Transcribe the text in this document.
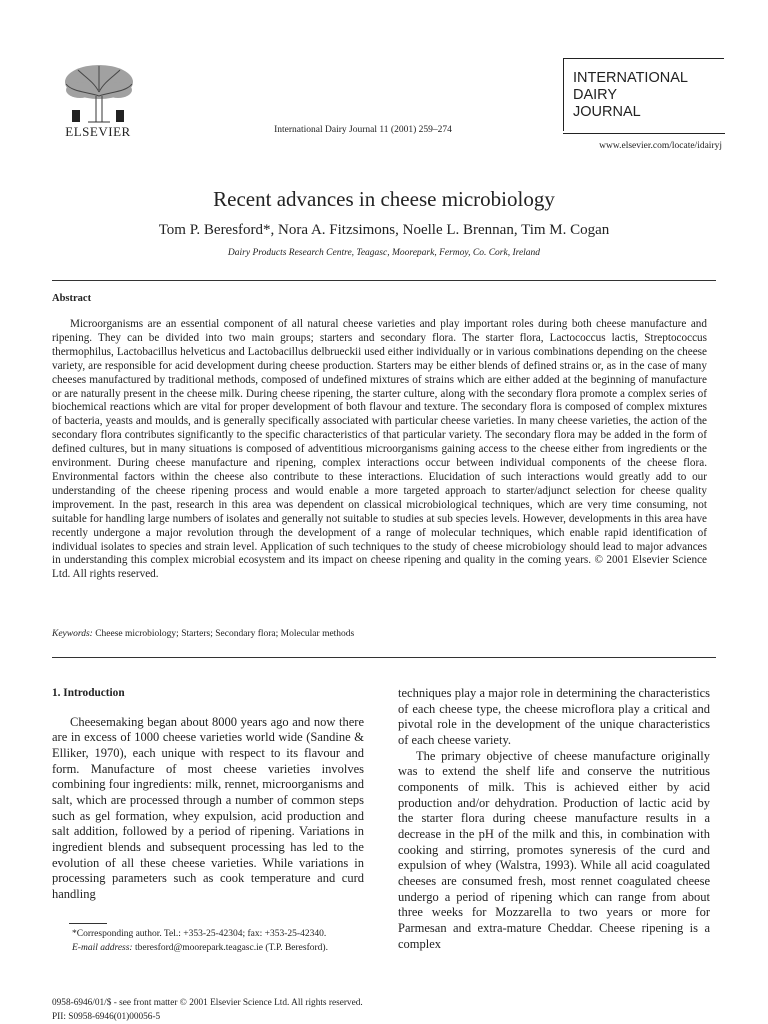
ELSEVIER	International Dairy Journal 11 (2001) 259–274
INTERNATIONAL
DAIRY
JOURNAL
www.elsevier.com/locate/idairyj
Recent advances in cheese microbiology
Tom P. Beresford*, Nora A. Fitzsimons, Noelle L. Brennan, Tim M. Cogan
Dairy Products Research Centre, Teagasc, Moorepark, Fermoy, Co. Cork, Ireland
Abstract
Microorganisms are an essential component of all natural cheese varieties and play important roles during both cheese manufacture and ripening. They can be divided into two main groups; starters and secondary flora. The starter flora, Lactococcus lactis, Streptococcus thermophilus, Lactobacillus helveticus and Lactobacillus delbrueckii used either individually or in various combinations depending on the cheese variety, are responsible for acid development during cheese production. Starters may be either blends of defined strains or, as in the case of many cheeses manufactured by traditional methods, composed of undefined mixtures of strains which are either added at the beginning of manufacture or are naturally present in the cheese milk. During cheese ripening, the starter culture, along with the secondary flora promote a complex series of biochemical reactions which are vital for proper development of both flavour and texture. The secondary flora is composed of complex mixtures of bacteria, yeasts and moulds, and is generally specifically associated with particular cheese varieties. In many cheese varieties, the action of the secondary flora contributes significantly to the specific characteristics of that particular variety. The secondary flora may be added in the form of defined cultures, but in many situations is composed of adventitious microorganisms gaining access to the cheese either from ingredients or the environment. During cheese manufacture and ripening, complex interactions occur between individual components of the cheese flora. Environmental factors within the cheese also contribute to these interactions. Elucidation of such interactions would greatly add to our understanding of the cheese ripening process and would enable a more targeted approach to starter/adjunct selection for cheese quality improvement. In the past, research in this area was dependent on classical microbiological techniques, which are very time consuming, not suitable for handling large numbers of isolates and generally not suitable to studies at sub species levels. However, developments in this area have recently undergone a major revolution through the development of a range of molecular techniques, which enable rapid identification of individual isolates to species and strain level. Application of such techniques to the study of cheese microbiology should lead to major advances in understanding this complex microbial ecosystem and its impact on cheese ripening and quality in the coming years. © 2001 Elsevier Science Ltd. All rights reserved.
Keywords: Cheese microbiology; Starters; Secondary flora; Molecular methods
1. Introduction

Cheesemaking began about 8000 years ago and now there are in excess of 1000 cheese varieties world wide (Sandine & Elliker, 1970), each unique with respect to its flavour and form. Manufacture of most cheese varieties involves combining four ingredients: milk, rennet, microorganisms and salt, which are processed through a number of common steps such as gel formation, whey expulsion, acid production and salt addition, followed by a period of ripening. Variations in ingredient blends and subsequent processing has led to the evolution of all these cheese varieties. While variations in processing parameters such as cook temperature and curd handling

techniques play a major role in determining the characteristics of each cheese type, the cheese microflora play a critical and pivotal role in the development of the unique characteristics of each cheese variety.

The primary objective of cheese manufacture originally was to extend the shelf life and conserve the nutritious components of milk. This is achieved either by acid production and/or dehydration. Production of lactic acid by the starter flora during cheese manufacture results in a decrease in the pH of the milk and this, in combination with cooking and stirring, promotes syneresis of the curd and expulsion of whey (Walstra, 1993). While all acid coagulated cheeses are consumed fresh, most rennet coagulated cheese undergo a period of ripening which can range from about three weeks for Mozzarella to two years or more for Parmesan and extra-mature Cheddar. Cheese ripening is a complex

*Corresponding author. Tel.: +353-25-42304; fax: +353-25-42340.
E-mail address: tberesford@moorepark.teagasc.ie (T.P. Beresford).
0958-6946/01/$ - see front matter © 2001 Elsevier Science Ltd. All rights reserved.
PII: S0958-6946(01)00056-5
